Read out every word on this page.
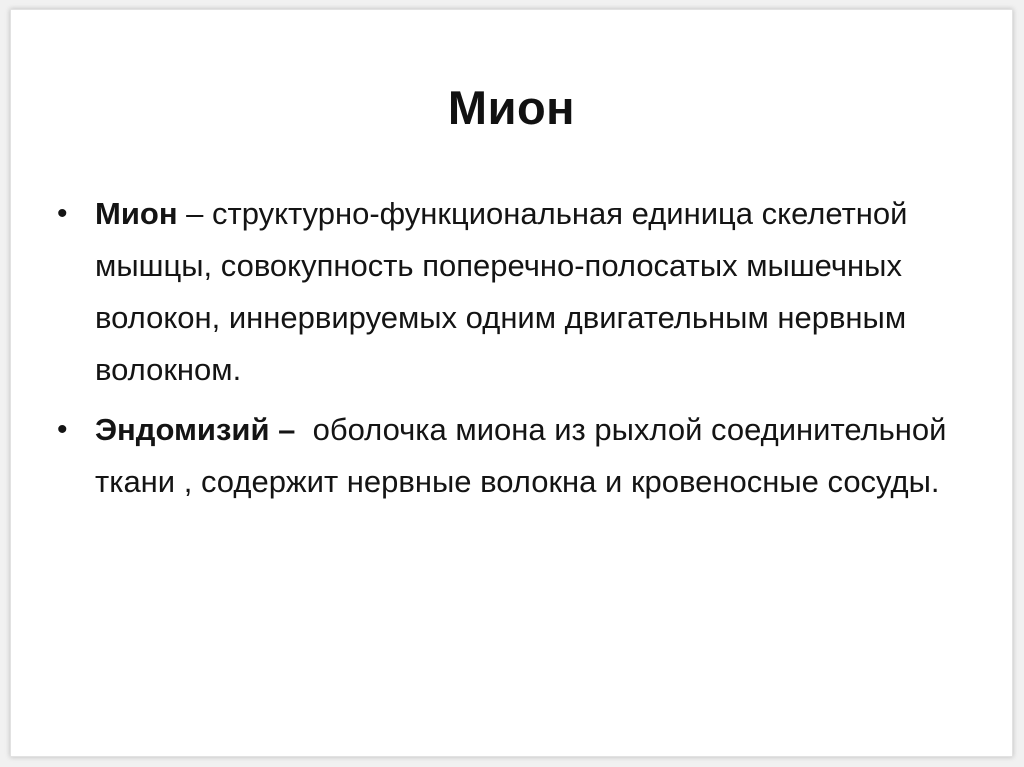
Мион
• Мион – структурно-функциональная единица скелетной мышцы, совокупность поперечно-полосатых мышечных волокон, иннервируемых одним двигательным нервным волокном.
• Эндомизий –  оболочка миона из рыхлой соединительной ткани , содержит нервные волокна и кровеносные сосуды.
